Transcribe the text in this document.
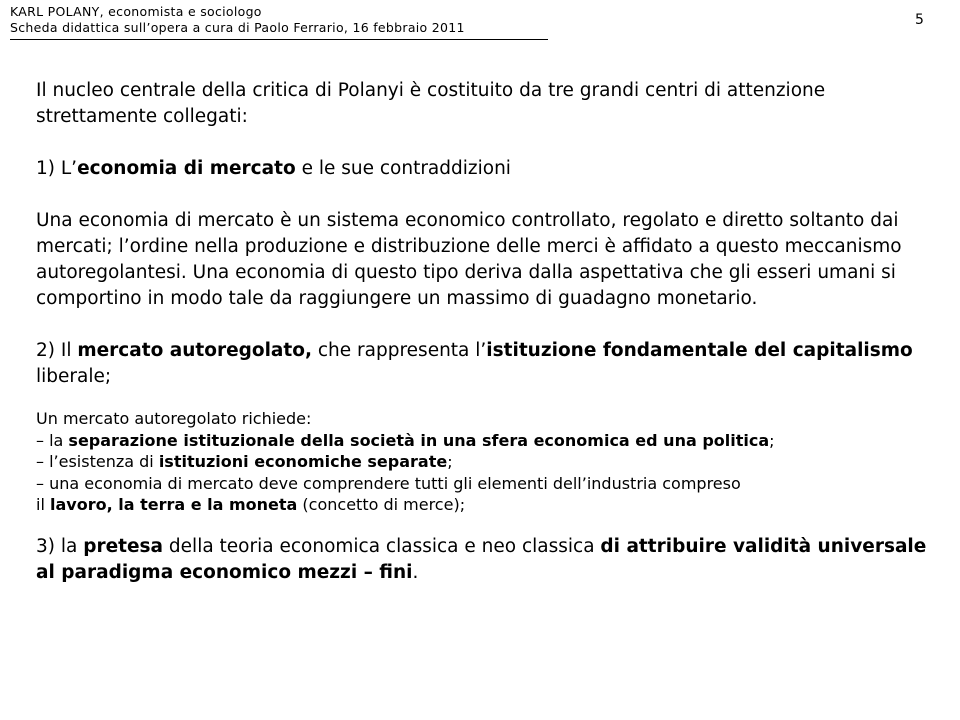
KARL POLANY, economista e sociologo
Scheda didattica sull’opera a cura di Paolo Ferrario, 16 febbraio 2011	5

Il nucleo centrale della critica di Polanyi è costituito da tre grandi centri di attenzione strettamente collegati:

1) L’economia di mercato e le sue contraddizioni

Una economia di mercato è un sistema economico controllato, regolato e diretto soltanto dai mercati; l’ordine nella produzione e distribuzione delle merci è affidato a questo meccanismo autoregolantesi. Una economia di questo tipo deriva dalla aspettativa che gli esseri umani si comportino in modo tale da raggiungere un massimo di guadagno monetario.

2) Il mercato autoregolato, che rappresenta l’istituzione fondamentale del capitalismo liberale;

Un mercato autoregolato richiede:

– la separazione istituzionale della società in una sfera economica ed una politica;

– l’esistenza di istituzioni economiche separate;

– una economia di mercato deve comprendere tutti gli elementi dell’industria compreso

il lavoro, la terra e la moneta (concetto di merce);

3) la pretesa della teoria economica classica e neo classica di attribuire validità universale al paradigma economico mezzi – fini.
